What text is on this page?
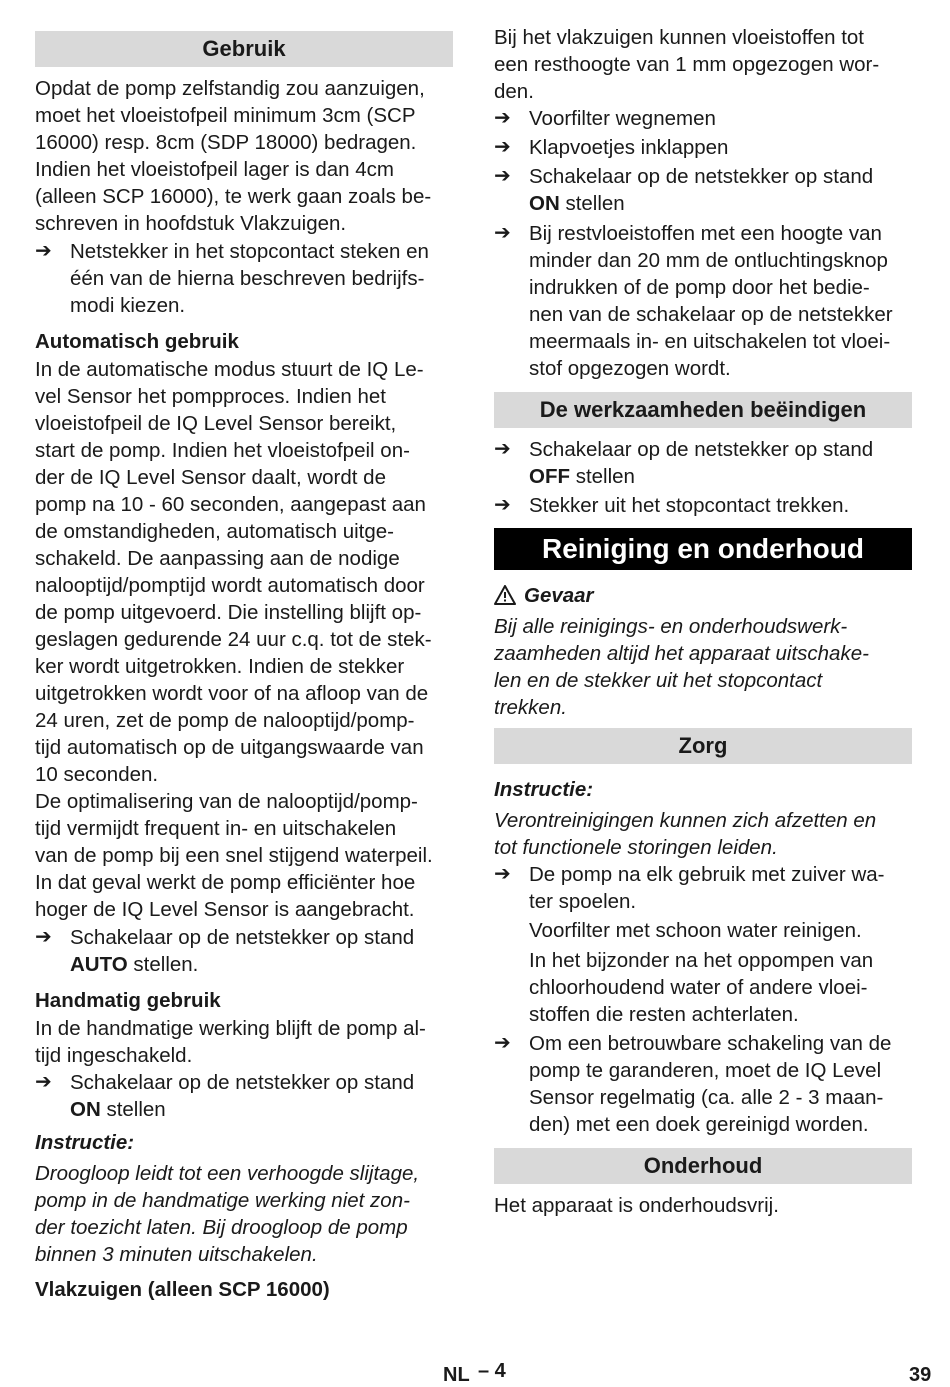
Gebruik
Opdat de pomp zelfstandig zou aanzuigen,
moet het vloeistofpeil minimum 3cm (SCP
16000) resp. 8cm (SDP 18000) bedragen.
Indien het vloeistofpeil lager is dan 4cm
(alleen SCP 16000), te werk gaan zoals be-
schreven in hoofdstuk Vlakzuigen.
➔ Netstekker in het stopcontact steken en
één van de hierna beschreven bedrijfs-
modi kiezen.
Automatisch gebruik
In de automatische modus stuurt de IQ Le-
vel Sensor het pompproces. Indien het
vloeistofpeil de IQ Level Sensor bereikt,
start de pomp. Indien het vloeistofpeil on-
der de IQ Level Sensor daalt, wordt de
pomp na 10 - 60 seconden, aangepast aan
de omstandigheden, automatisch uitge-
schakeld. De aanpassing aan de nodige
nalooptijd/pomptijd wordt automatisch door
de pomp uitgevoerd. Die instelling blijft op-
geslagen gedurende 24 uur c.q. tot de stek-
ker wordt uitgetrokken. Indien de stekker
uitgetrokken wordt voor of na afloop van de
24 uren, zet de pomp de nalooptijd/pomp-
tijd automatisch op de uitgangswaarde van
10 seconden.
De optimalisering van de nalooptijd/pomp-
tijd vermijdt frequent in- en uitschakelen
van de pomp bij een snel stijgend waterpeil.
In dat geval werkt de pomp efficiënter hoe
hoger de IQ Level Sensor is aangebracht.
➔ Schakelaar op de netstekker op stand
AUTO stellen.
Handmatig gebruik
In de handmatige werking blijft de pomp al-
tijd ingeschakeld.
➔ Schakelaar op de netstekker op stand
ON stellen
Instructie:
Droogloop leidt tot een verhoogde slijtage,
pomp in de handmatige werking niet zon-
der toezicht laten. Bij droogloop de pomp
binnen 3 minuten uitschakelen.
Vlakzuigen (alleen SCP 16000)
Bij het vlakzuigen kunnen vloeistoffen tot
een resthoogte van 1 mm opgezogen wor-
den.
➔ Voorfilter wegnemen
➔ Klapvoetjes inklappen
➔ Schakelaar op de netstekker op stand
ON stellen
➔ Bij restvloeistoffen met een hoogte van
minder dan 20 mm de ontluchtingsknop
indrukken of de pomp door het bedie-
nen van de schakelaar op de netstekker
meermaals in- en uitschakelen tot vloei-
stof opgezogen wordt.
De werkzaamheden beëindigen
➔ Schakelaar op de netstekker op stand
OFF stellen
➔ Stekker uit het stopcontact trekken.
Reiniging en onderhoud
Gevaar
Bij alle reinigings- en onderhoudswerk-
zaamheden altijd het apparaat uitschake-
len en de stekker uit het stopcontact
trekken.
Zorg
Instructie:
Verontreinigingen kunnen zich afzetten en
tot functionele storingen leiden.
➔ De pomp na elk gebruik met zuiver wa-
ter spoelen.
Voorfilter met schoon water reinigen.
In het bijzonder na het oppompen van
chloorhoudend water of andere vloei-
stoffen die resten achterlaten.
➔ Om een betrouwbare schakeling van de
pomp te garanderen, moet de IQ Level
Sensor regelmatig (ca. alle 2 - 3 maan-
den) met een doek gereinigd worden.
Onderhoud
Het apparaat is onderhoudsvrij.
NL – 4	39
